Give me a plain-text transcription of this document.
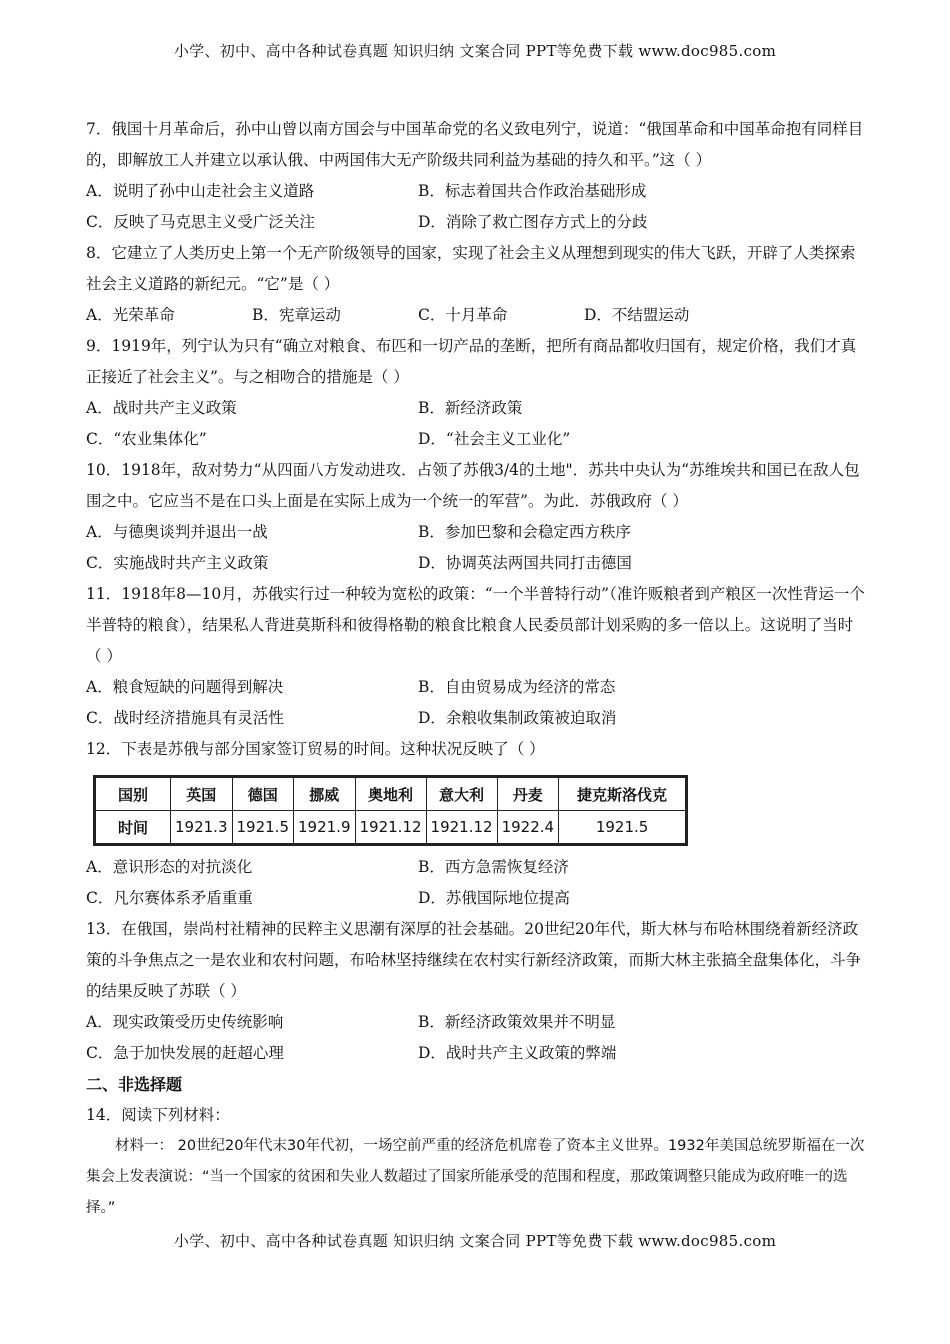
小学、初中、高中各种试卷真题 知识归纳 文案合同 PPT等免费下载 www.doc985.com

7．俄国十月革命后，孙中山曾以南方国会与中国革命党的名义致电列宁，说道：“俄国革命和中国革命抱有同样目的，即解放工人并建立以承认俄、中两国伟大无产阶级共同利益为基础的持久和平。”这（ ）

A．说明了孙中山走社会主义道路	B．标志着国共合作政治基础形成
C．反映了马克思主义受广泛关注	D．消除了救亡图存方式上的分歧

8．它建立了人类历史上第一个无产阶级领导的国家，实现了社会主义从理想到现实的伟大飞跃，开辟了人类探索社会主义道路的新纪元。“它”是（ ）

A．光荣革命	B．宪章运动	C．十月革命	D．不结盟运动

9．1919年，列宁认为只有“确立对粮食、布匹和一切产品的垄断，把所有商品都收归国有，规定价格，我们才真正接近了社会主义”。与之相吻合的措施是（ ）

A．战时共产主义政策	B．新经济政策
C．“农业集体化”	D．“社会主义工业化”

10．1918年，敌对势力“从四面八方发动进攻．占领了苏俄3/4的土地"．苏共中央认为“苏维埃共和国已在敌人包围之中。它应当不是在口头上面是在实际上成为一个统一的军营”。为此．苏俄政府（ ）

A．与德奥谈判并退出一战	B．参加巴黎和会稳定西方秩序
C．实施战时共产主义政策	D．协调英法两国共同打击德国

11．1918年8—10月，苏俄实行过一种较为宽松的政策：“一个半普特行动”（准许贩粮者到产粮区一次性背运一个半普特的粮食），结果私人背进莫斯科和彼得格勒的粮食比粮食人民委员部计划采购的多一倍以上。这说明了当时（ ）

A．粮食短缺的问题得到解决	B．自由贸易成为经济的常态
C．战时经济措施具有灵活性	D．余粮收集制政策被迫取消

12．下表是苏俄与部分国家签订贸易的时间。这种状况反映了（ ）

国别	英国	德国	挪威	奥地利	意大利	丹麦	捷克斯洛伐克
时间	1921.3	1921.5	1921.9	1921.12	1921.12	1922.4	1921.5
A．意识形态的对抗淡化	B．西方急需恢复经济
C．凡尔赛体系矛盾重重	D．苏俄国际地位提高

13．在俄国，崇尚村社精神的民粹主义思潮有深厚的社会基础。20世纪20年代，斯大林与布哈林围绕着新经济政策的斗争焦点之一是农业和农村问题，布哈林坚持继续在农村实行新经济政策，而斯大林主张搞全盘集体化，斗争的结果反映了苏联（ ）

A．现实政策受历史传统影响	B．新经济政策效果并不明显
C．急于加快发展的赶超心理	D．战时共产主义政策的弊端
二、非选择题

14．阅读下列材料：

材料一： 20世纪20年代末30年代初，一场空前严重的经济危机席卷了资本主义世界。1932年美国总统罗斯福在一次集会上发表演说：“当一个国家的贫困和失业人数超过了国家所能承受的范围和程度，那政策调整只能成为政府唯一的选择。”

小学、初中、高中各种试卷真题 知识归纳 文案合同 PPT等免费下载 www.doc985.com
